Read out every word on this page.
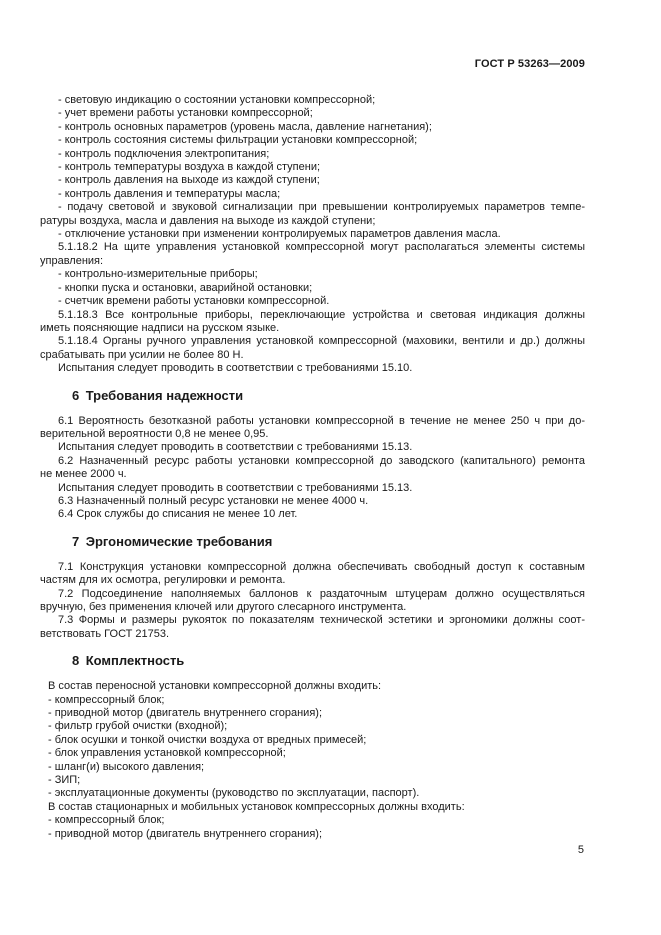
ГОСТ Р 53263—2009
- световую индикацию о состоянии установки компрессорной;
- учет времени работы установки компрессорной;
- контроль основных параметров (уровень масла, давление нагнетания);
- контроль состояния системы фильтрации установки компрессорной;
- контроль подключения электропитания;
- контроль температуры воздуха в каждой ступени;
- контроль давления на выходе из каждой ступени;
- контроль давления и температуры масла;
- подачу световой и звуковой сигнализации при превышении контролируемых параметров темпе-
ратуры воздуха, масла и давления на выходе из каждой ступени;
- отключение установки при изменении контролируемых параметров давления масла.
5.1.18.2 На щите управления установкой компрессорной могут располагаться элементы системы
управления:
- контрольно-измерительные приборы;
- кнопки пуска и остановки, аварийной остановки;
- счетчик времени работы установки компрессорной.
5.1.18.3 Все контрольные приборы, переключающие устройства и световая индикация должны
иметь поясняющие надписи на русском языке.
5.1.18.4 Органы ручного управления установкой компрессорной (маховики, вентили и др.) должны
срабатывать при усилии не более 80 Н.
Испытания следует проводить в соответствии с требованиями 15.10.
6 Требования надежности
6.1 Вероятность безотказной работы установки компрессорной в течение не менее 250 ч при до-
верительной вероятности 0,8 не менее 0,95.
Испытания следует проводить в соответствии с требованиями 15.13.
6.2 Назначенный ресурс работы установки компрессорной до заводского (капитального) ремонта
не менее 2000 ч.
Испытания следует проводить в соответствии с требованиями 15.13.
6.3 Назначенный полный ресурс установки не менее 4000 ч.
6.4 Срок службы до списания не менее 10 лет.
7 Эргономические требования
7.1 Конструкция установки компрессорной должна обеспечивать свободный доступ к составным
частям для их осмотра, регулировки и ремонта.
7.2 Подсоединение наполняемых баллонов к раздаточным штуцерам должно осуществляться
вручную, без применения ключей или другого слесарного инструмента.
7.3 Формы и размеры рукояток по показателям технической эстетики и эргономики должны соот-
ветствовать ГОСТ 21753.
8 Комплектность
В состав переносной установки компрессорной должны входить:
- компрессорный блок;
- приводной мотор (двигатель внутреннего сгорания);
- фильтр грубой очистки (входной);
- блок осушки и тонкой очистки воздуха от вредных примесей;
- блок управления установкой компрессорной;
- шланг(и) высокого давления;
- ЗИП;
- эксплуатационные документы (руководство по эксплуатации, паспорт).
В состав стационарных и мобильных установок компрессорных должны входить:
- компрессорный блок;
- приводной мотор (двигатель внутреннего сгорания);
5
